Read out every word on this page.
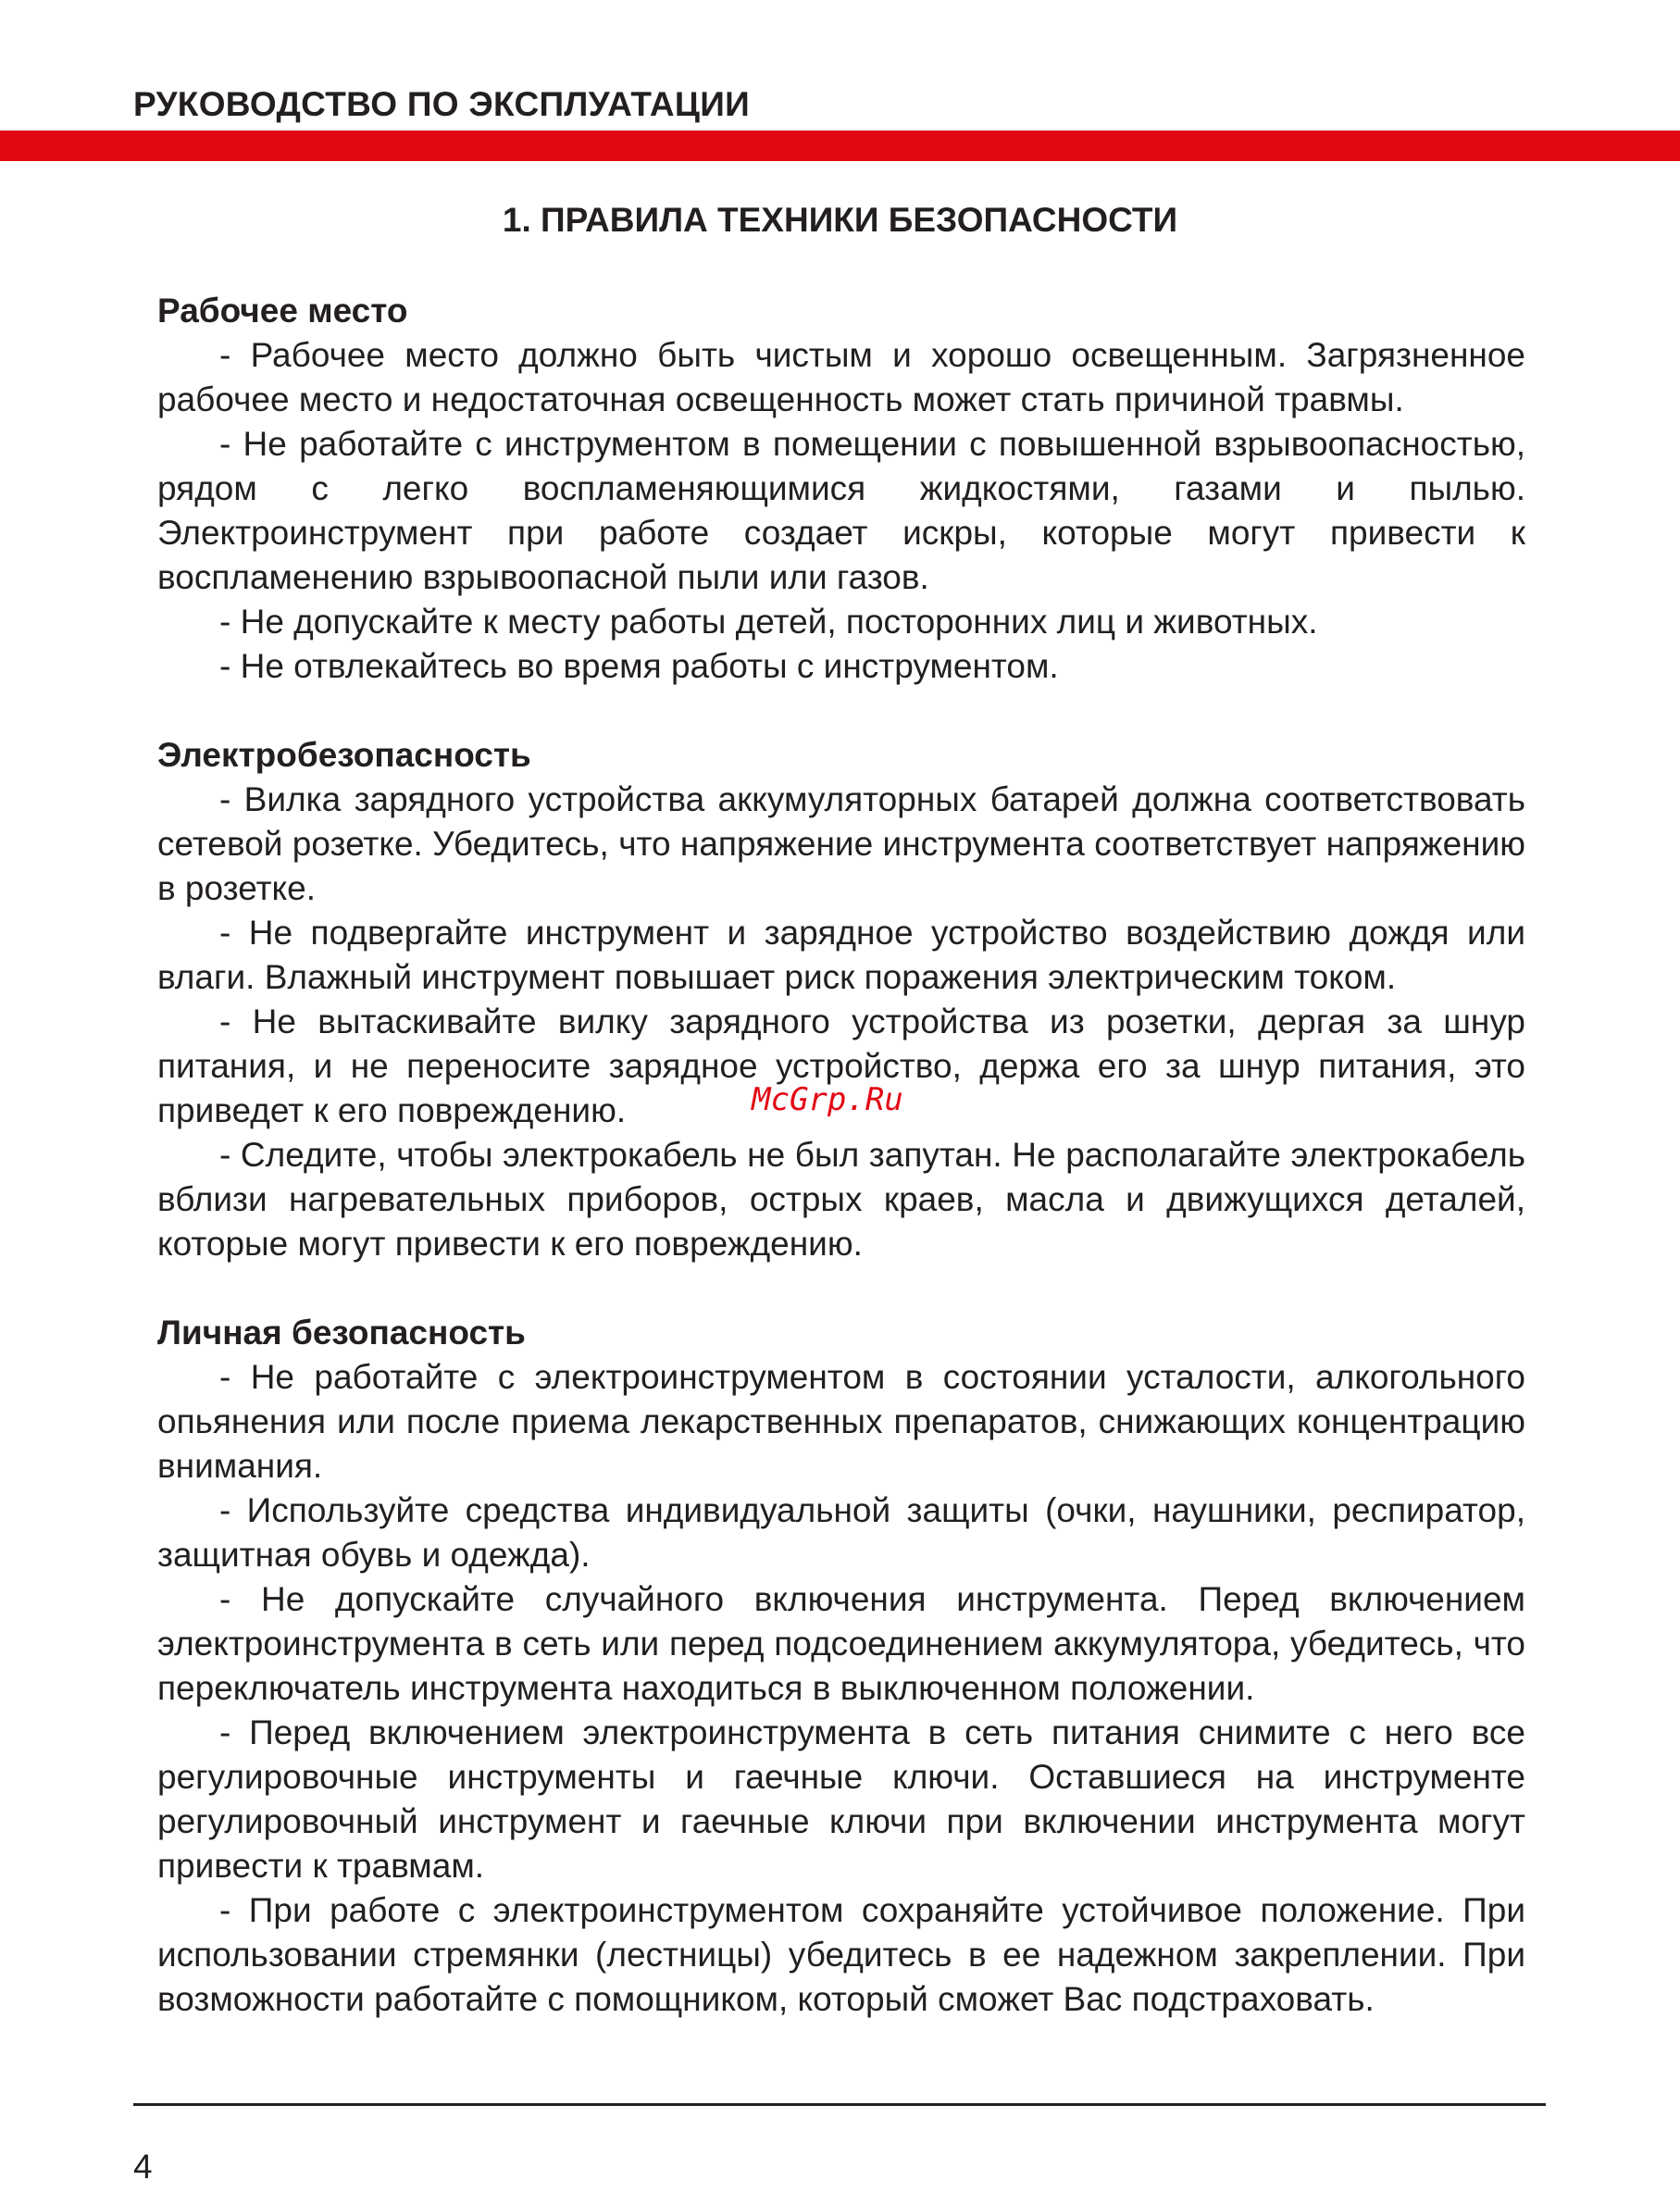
РУКОВОДСТВО ПО ЭКСПЛУАТАЦИИ
1. ПРАВИЛА ТЕХНИКИ БЕЗОПАСНОСТИ

Рабочее место

- Рабочее место должно быть чистым и хорошо освещенным. Загрязненное рабочее место и недостаточная освещенность может стать причиной травмы.

- Не работайте с инструментом в помещении с повышенной взрывоопасностью, рядом с легко воспламеняющимися жидкостями, газами и пылью. Электроинструмент при работе создает искры, которые могут привести к воспламенению взрывоопасной пыли или газов.

- Не допускайте к месту работы детей, посторонних лиц и животных.

- Не отвлекайтесь во время работы с инструментом.

Электробезопасность

- Вилка зарядного устройства аккумуляторных батарей должна соответствовать сетевой розетке. Убедитесь, что напряжение инструмента соответствует напряжению в розетке.

- Не подвергайте инструмент и зарядное устройство воздействию дождя или влаги. Влажный инструмент повышает риск поражения электрическим током.

- Не вытаскивайте вилку зарядного устройства из розетки, дергая за шнур питания, и не переносите зарядное устройство, держа его за шнур питания, это приведет к его повреждению.

- Следите, чтобы электрокабель не был запутан. Не располагайте электрокабель вблизи нагревательных приборов, острых краев, масла и движущихся деталей, которые могут привести к его повреждению.

Личная безопасность

- Не работайте с электроинструментом в состоянии усталости, алкогольного опьянения или после приема лекарственных препаратов, снижающих концентрацию внимания.

- Используйте средства индивидуальной защиты (очки, наушники, респиратор, защитная обувь и одежда).

- Не допускайте случайного включения инструмента. Перед включением электроинструмента в сеть или перед подсоединением аккумулятора, убедитесь, что переключатель инструмента находиться в выключенном положении.

- Перед включением электроинструмента в сеть питания снимите с него все регулировочные инструменты и гаечные ключи. Оставшиеся на инструменте регулировочный инструмент и гаечные ключи при включении инструмента могут привести к травмам.

- При работе с электроинструментом сохраняйте устойчивое положение. При использовании стремянки (лестницы) убедитесь в ее надежном закреплении. При возможности работайте с помощником, который сможет Вас подстраховать.

McGrp.Ru
4
